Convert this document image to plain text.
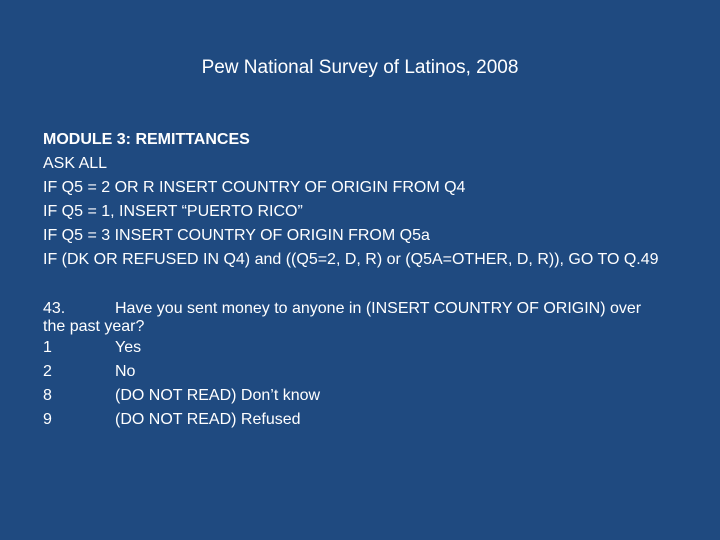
Pew National Survey of Latinos, 2008

MODULE 3: REMITTANCES

ASK ALL

IF Q5 = 2 OR R INSERT COUNTRY OF ORIGIN FROM Q4

IF Q5 = 1, INSERT “PUERTO RICO”

IF Q5 = 3 INSERT COUNTRY OF ORIGIN FROM Q5a

IF (DK OR REFUSED IN Q4) and ((Q5=2, D, R) or (Q5A=OTHER, D, R)), GO TO Q.49

43.	Have you sent money to anyone in (INSERT COUNTRY OF ORIGIN) over the past year?

1	Yes

2	No

8	(DO NOT READ) Don’t know

9	(DO NOT READ) Refused
